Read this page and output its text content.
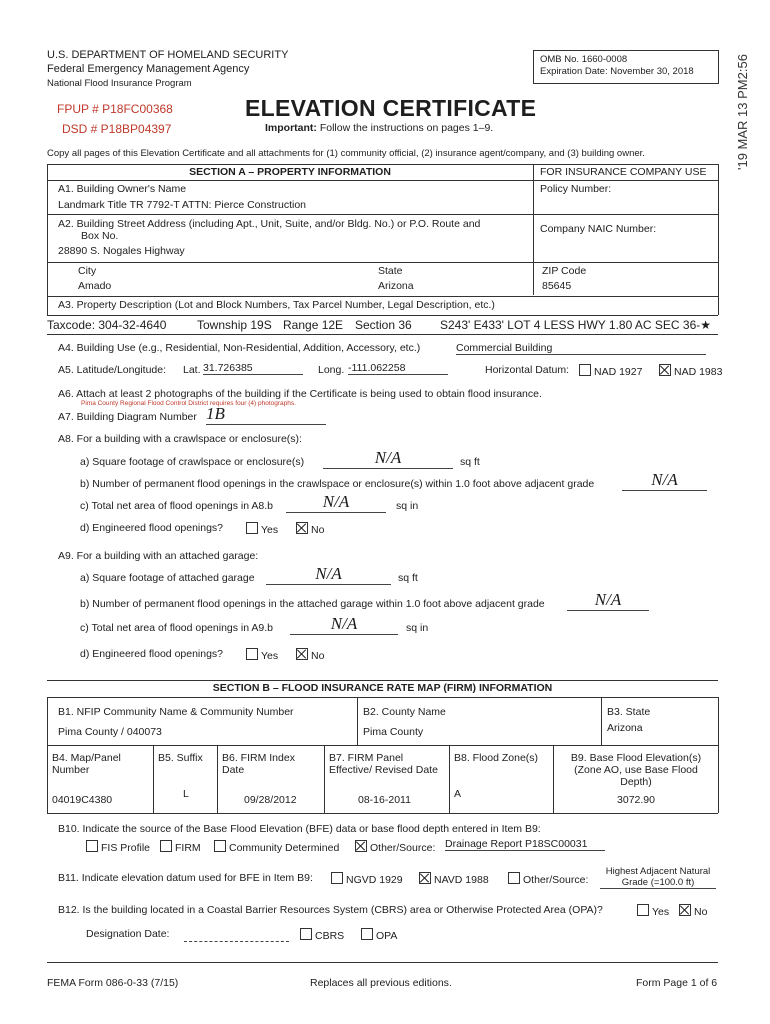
U.S. DEPARTMENT OF HOMELAND SECURITY
Federal Emergency Management Agency
National Flood Insurance Program
FPUP # P18FC00368
DSD # P18BP04397
ELEVATION CERTIFICATE
Important: Follow the instructions on pages 1–9.
OMB No. 1660-0008
Expiration Date: November 30, 2018	'19 MAR 13 PM2:56
Copy all pages of this Elevation Certificate and all attachments for (1) community official, (2) insurance agent/company, and (3) building owner.
SECTION A – PROPERTY INFORMATION	FOR INSURANCE COMPANY USE
A1. Building Owner's Name
Landmark Title TR 7792-T ATTN: Pierce Construction
Policy Number:
A2. Building Street Address (including Apt., Unit, Suite, and/or Bldg. No.) or P.O. Route and
Box No.
28890 S. Nogales Highway
Company NAIC Number:
City
Amado
State
Arizona
ZIP Code
85645
A3. Property Description (Lot and Block Numbers, Tax Parcel Number, Legal Description, etc.)
Taxcode: 304-32-4640	Township 19S Range 12E Section 36 S243' E433' LOT 4 LESS HWY 1.80 AC SEC 36-★
A4. Building Use (e.g., Residential, Non-Residential, Addition, Accessory, etc.)	Commercial Building
A5. Latitude/Longitude: Lat. 31.726385	Long. -111.062258	Horizontal Datum:	NAD 1927	NAD 1983
A6. Attach at least 2 photographs of the building if the Certificate is being used to obtain flood insurance.
Pima County Regional Flood Control District requires four (4) photographs.
A7. Building Diagram Number 1B
A8. For a building with a crawlspace or enclosure(s):
a) Square footage of crawlspace or enclosure(s)	N/A	sq ft
b) Number of permanent flood openings in the crawlspace or enclosure(s) within 1.0 foot above adjacent grade	N/A
c) Total net area of flood openings in A8.b	N/A	sq in
d) Engineered flood openings?	Yes	No
A9. For a building with an attached garage:
a) Square footage of attached garage	N/A	sq ft
b) Number of permanent flood openings in the attached garage within 1.0 foot above adjacent grade	N/A
c) Total net area of flood openings in A9.b	N/A	sq in
d) Engineered flood openings?	Yes	No
SECTION B – FLOOD INSURANCE RATE MAP (FIRM) INFORMATION
B1. NFIP Community Name & Community Number
Pima County / 040073
B2. County Name
Pima County
B3. State
Arizona
B4. Map/Panel Number
04019C4380
B5. Suffix
L
B6. FIRM Index Date
09/28/2012
B7. FIRM Panel Effective/ Revised Date
08-16-2011
B8. Flood Zone(s)
A
B9. Base Flood Elevation(s) (Zone AO, use Base Flood Depth)
3072.90
B10. Indicate the source of the Base Flood Elevation (BFE) data or base flood depth entered in Item B9:
FIS Profile	FIRM	Community Determined	Other/Source: Drainage Report P18SC00031
B11. Indicate elevation datum used for BFE in Item B9:	NGVD 1929	NAVD 1988	Other/Source:
Highest Adjacent Natural Grade (=100.0 ft)
B12. Is the building located in a Coastal Barrier Resources System (CBRS) area or Otherwise Protected Area (OPA)?	Yes	No
Designation Date:	CBRS	OPA
FEMA Form 086-0-33 (7/15)	Replaces all previous editions.	Form Page 1 of 6
